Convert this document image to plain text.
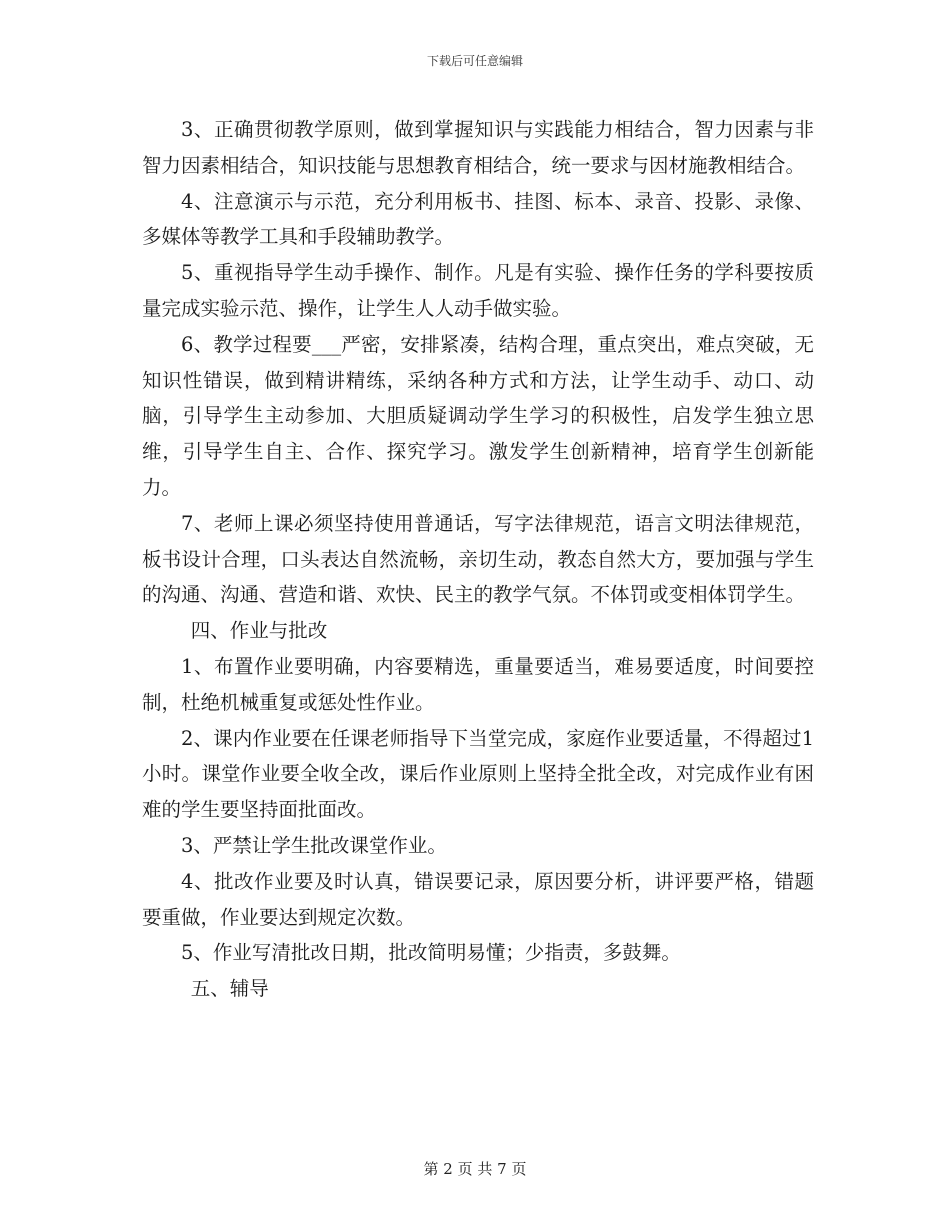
下载后可任意编辑

3、正确贯彻教学原则，做到掌握知识与实践能力相结合，智力因素与非智力因素相结合，知识技能与思想教育相结合，统一要求与因材施教相结合。

4、注意演示与示范，充分利用板书、挂图、标本、录音、投影、录像、多媒体等教学工具和手段辅助教学。

5、重视指导学生动手操作、制作。凡是有实验、操作任务的学科要按质量完成实验示范、操作，让学生人人动手做实验。

6、教学过程要___严密，安排紧凑，结构合理，重点突出，难点突破，无知识性错误，做到精讲精练，采纳各种方式和方法，让学生动手、动口、动脑，引导学生主动参加、大胆质疑调动学生学习的积极性，启发学生独立思维，引导学生自主、合作、探究学习。激发学生创新精神，培育学生创新能力。

7、老师上课必须坚持使用普通话，写字法律规范，语言文明法律规范，板书设计合理，口头表达自然流畅，亲切生动，教态自然大方，要加强与学生的沟通、沟通、营造和谐、欢快、民主的教学气氛。不体罚或变相体罚学生。

四、作业与批改

1、布置作业要明确，内容要精选，重量要适当，难易要适度，时间要控制，杜绝机械重复或惩处性作业。

2、课内作业要在任课老师指导下当堂完成，家庭作业要适量，不得超过1小时。课堂作业要全收全改，课后作业原则上坚持全批全改，对完成作业有困难的学生要坚持面批面改。

3、严禁让学生批改课堂作业。

4、批改作业要及时认真，错误要记录，原因要分析，讲评要严格，错题要重做，作业要达到规定次数。

5、作业写清批改日期，批改简明易懂；少指责，多鼓舞。

五、辅导

第 2 页 共 7 页
